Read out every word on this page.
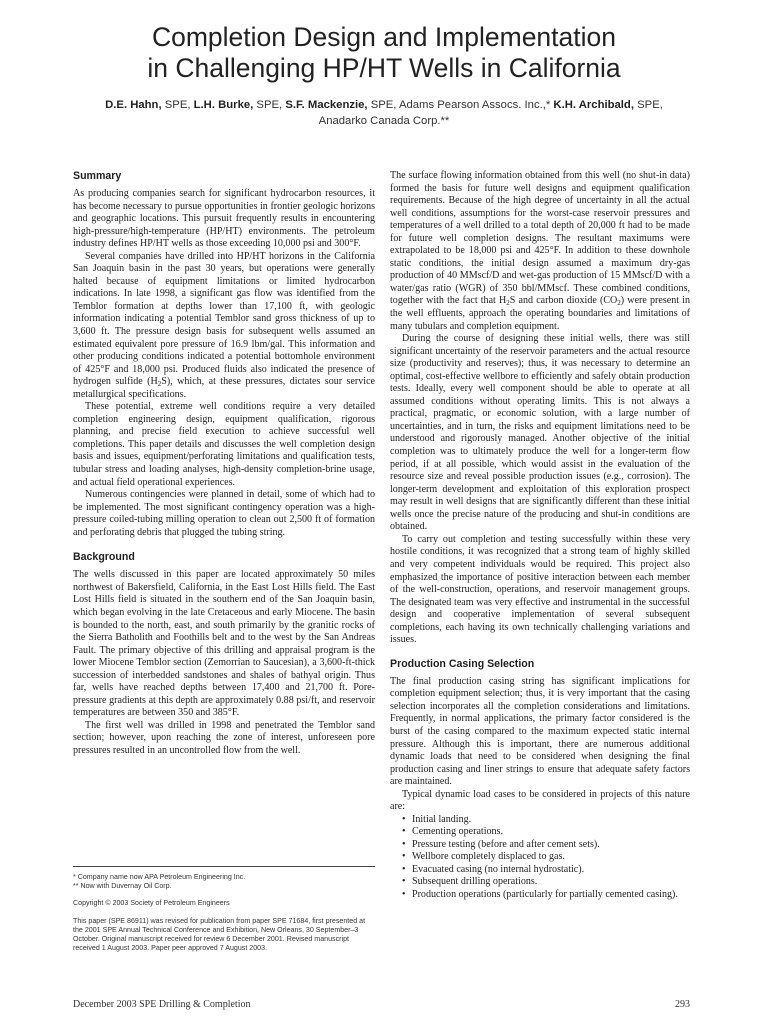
Completion Design and Implementation
in Challenging HP/HT Wells in California
D.E. Hahn, SPE, L.H. Burke, SPE, S.F. Mackenzie, SPE, Adams Pearson Assocs. Inc.,* K.H. Archibald, SPE,
Anadarko Canada Corp.**
Summary

As producing companies search for significant hydrocarbon resources, it has become necessary to pursue opportunities in frontier geologic horizons and geographic locations. This pursuit frequently results in encountering high-pressure/high-temperature (HP/HT) environments. The petroleum industry defines HP/HT wells as those exceeding 10,000 psi and 300°F.

Several companies have drilled into HP/HT horizons in the California San Joaquin basin in the past 30 years, but operations were generally halted because of equipment limitations or limited hydrocarbon indications. In late 1998, a significant gas flow was identified from the Temblor formation at depths lower than 17,100 ft, with geologic information indicating a potential Temblor sand gross thickness of up to 3,600 ft. The pressure design basis for subsequent wells assumed an estimated equivalent pore pressure of 16.9 lbm/gal. This information and other producing conditions indicated a potential bottomhole environment of 425°F and 18,000 psi. Produced fluids also indicated the presence of hydrogen sulfide $(H_2S)$, which, at these pressures, dictates sour service metallurgical specifications.

These potential, extreme well conditions require a very detailed completion engineering design, equipment qualification, rigorous planning, and precise field execution to achieve successful well completions. This paper details and discusses the well completion design basis and issues, equipment/perforating limitations and qualification tests, tubular stress and loading analyses, high-density completion-brine usage, and actual field operational experiences.

Numerous contingencies were planned in detail, some of which had to be implemented. The most significant contingency operation was a high-pressure coiled-tubing milling operation to clean out 2,500 ft of formation and perforating debris that plugged the tubing string.

Background

The wells discussed in this paper are located approximately 50 miles northwest of Bakersfield, California, in the East Lost Hills field. The East Lost Hills field is situated in the southern end of the San Joaquin basin, which began evolving in the late Cretaceous and early Miocene. The basin is bounded to the north, east, and south primarily by the granitic rocks of the Sierra Batholith and Foothills belt and to the west by the San Andreas Fault. The primary objective of this drilling and appraisal program is the lower Miocene Temblor section (Zemorrian to Saucesian), a 3,600-ft-thick succession of interbedded sandstones and shales of bathyal origin. Thus far, wells have reached depths between 17,400 and 21,700 ft. Pore-pressure gradients at this depth are approximately 0.88 psi/ft, and reservoir temperatures are between 350 and 385°F.

The first well was drilled in 1998 and penetrated the Temblor sand section; however, upon reaching the zone of interest, unforeseen pore pressures resulted in an uncontrolled flow from the well.

The surface flowing information obtained from this well (no shut-in data) formed the basis for future well designs and equipment qualification requirements. Because of the high degree of uncertainty in all the actual well conditions, assumptions for the worst-case reservoir pressures and temperatures of a well drilled to a total depth of 20,000 ft had to be made for future well completion designs. The resultant maximums were extrapolated to be 18,000 psi and 425°F. In addition to these downhole static conditions, the initial design assumed a maximum dry-gas production of 40 MMscf/D and wet-gas production of 15 MMscf/D with a water/gas ratio (WGR) of 350 bbl/MMscf. These combined conditions, together with the fact that $H_2S$ and carbon dioxide $(CO_2)$ were present in the well effluents, approach the operating boundaries and limitations of many tubulars and completion equipment.

During the course of designing these initial wells, there was still significant uncertainty of the reservoir parameters and the actual resource size (productivity and reserves); thus, it was necessary to determine an optimal, cost-effective wellbore to efficiently and safely obtain production tests. Ideally, every well component should be able to operate at all assumed conditions without operating limits. This is not always a practical, pragmatic, or economic solution, with a large number of uncertainties, and in turn, the risks and equipment limitations need to be understood and rigorously managed. Another objective of the initial completion was to ultimately produce the well for a longer-term flow period, if at all possible, which would assist in the evaluation of the resource size and reveal possible production issues (e.g., corrosion). The longer-term development and exploitation of this exploration prospect may result in well designs that are significantly different than these initial wells once the precise nature of the producing and shut-in conditions are obtained.

To carry out completion and testing successfully within these very hostile conditions, it was recognized that a strong team of highly skilled and very competent individuals would be required. This project also emphasized the importance of positive interaction between each member of the well-construction, operations, and reservoir management groups. The designated team was very effective and instrumental in the successful design and cooperative implementation of several subsequent completions, each having its own technically challenging variations and issues.

Production Casing Selection

The final production casing string has significant implications for completion equipment selection; thus, it is very important that the casing selection incorporates all the completion considerations and limitations. Frequently, in normal applications, the primary factor considered is the burst of the casing compared to the maximum expected static internal pressure. Although this is important, there are numerous additional dynamic loads that need to be considered when designing the final production casing and liner strings to ensure that adequate safety factors are maintained.

Typical dynamic load cases to be considered in projects of this nature are:

• Initial landing.
• Cementing operations.
• Pressure testing (before and after cement sets).
• Wellbore completely displaced to gas.
• Evacuated casing (no internal hydrostatic).
• Subsequent drilling operations.
• Production operations (particularly for partially cemented casing).

* Company name now APA Petroleum Engineering Inc.

** Now with Duvernay Oil Corp.

Copyright © 2003 Society of Petroleum Engineers

This paper (SPE 86911) was revised for publication from paper SPE 71684, first presented at the 2001 SPE Annual Technical Conference and Exhibition, New Orleans, 30 September–3 October. Original manuscript received for review 6 December 2001. Revised manuscript received 1 August 2003. Paper peer approved 7 August 2003.

December 2003 SPE Drilling & Completion	293
